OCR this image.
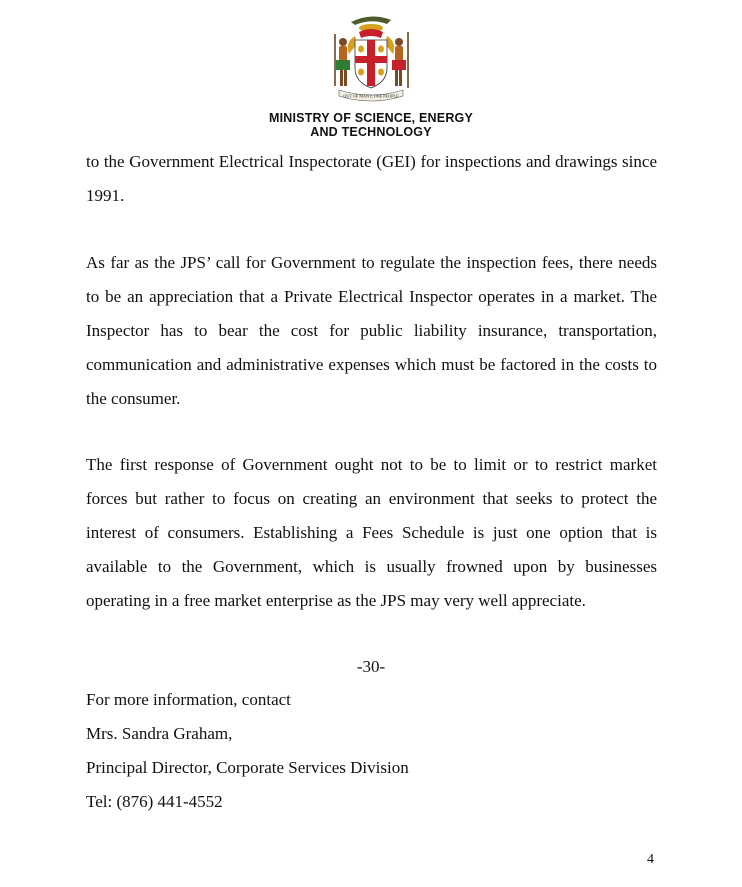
OUT OF MANY, ONE PEOPLE
MINISTRY OF SCIENCE, ENERGY
AND TECHNOLOGY

to the Government Electrical Inspectorate (GEI) for inspections and drawings since 1991.

As far as the JPS’ call for Government to regulate the inspection fees, there needs to be an appreciation that a Private Electrical Inspector operates in a market. The Inspector has to bear the cost for public liability insurance, transportation, communication and administrative expenses which must be factored in the costs to the consumer.

The first response of Government ought not to be to limit or to restrict market forces but rather to focus on creating an environment that seeks to protect the interest of consumers. Establishing a Fees Schedule is just one option that is available to the Government, which is usually frowned upon by businesses operating in a free market enterprise as the JPS may very well appreciate.

-30-
For more information, contact
Mrs. Sandra Graham,
Principal Director, Corporate Services Division
Tel: (876) 441-4552
4
